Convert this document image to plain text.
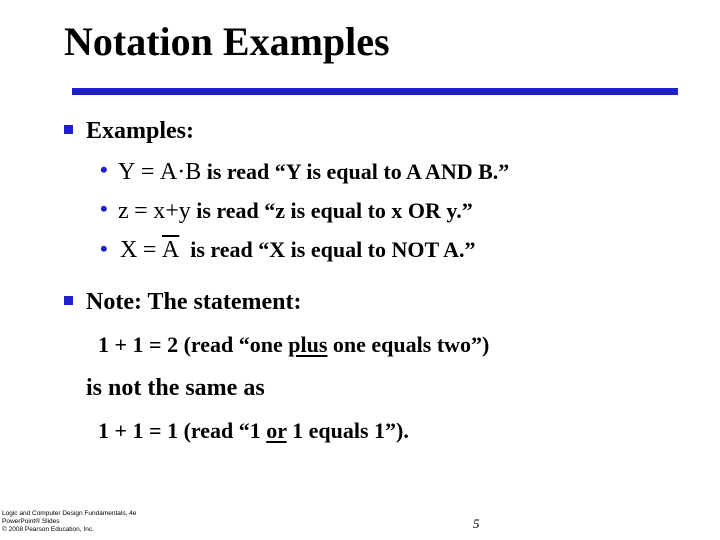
Notation Examples
Examples:
• Y = A·B is read “Y is equal to A AND B.”
• z = x+y is read “z is equal to x OR y.”
• $X = \overline{A}$  is read “X is equal to NOT A.”
Note: The statement:
1 + 1 = 2 (read “one plus one equals two”)
is not the same as
1 + 1 = 1 (read “1 or 1 equals 1”).
Logic and Computer Design Fundamentals, 4e
PowerPoint® Slides
© 2008 Pearson Education, Inc.	5
